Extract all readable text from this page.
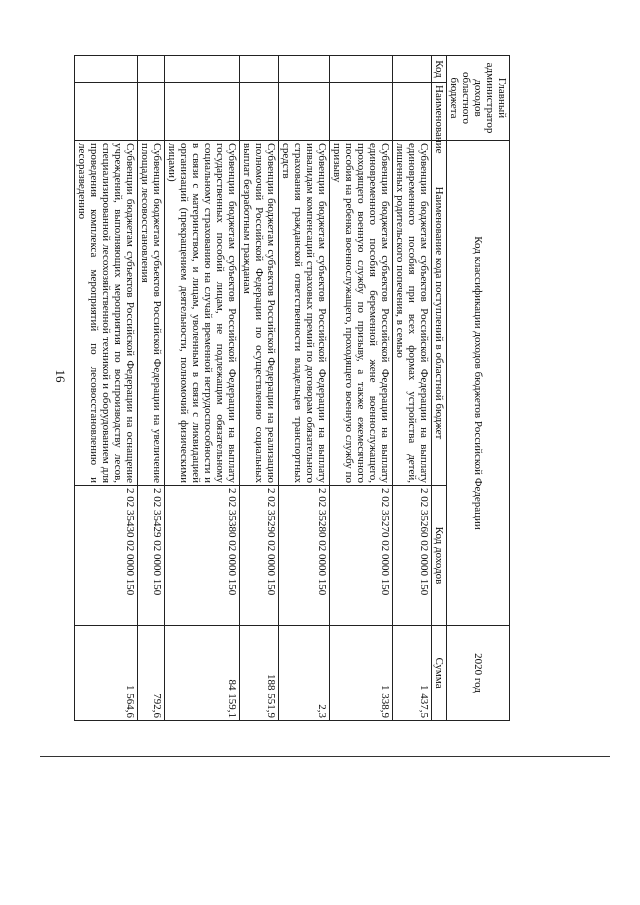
16
Главный администратор доходов областного бюджета		Код классификации доходов бюджетов Российской Федерации		2020 год
Код	Наименование	Наименование кода поступлений в областной бюджет	Код доходов	Сумма
		Субвенции бюджетам субъектов Российской Федерации на выплату единовременного пособия при всех формах устройства детей, лишенных родительского попечения, в семью	2 02 35260 02 0000 150	1 437,5
		Субвенции бюджетам субъектов Российской Федерации на выплату единовременного пособия беременной жене военнослужащего, проходящего военную службу по призыву, а также ежемесячного пособия на ребенка военнослужащего, проходящего военную службу по призыву	2 02 35270 02 0000 150	1 338,9
		Субвенции бюджетам субъектов Российской Федерации на выплату инвалидам компенсаций страховых премий по договорам обязательного страхования гражданской ответственности владельцев транспортных средств	2 02 35280 02 0000 150	2,3
		Субвенции бюджетам субъектов Российской Федерации на реализацию полномочий Российской Федерации по осуществлению социальных выплат безработным гражданам	2 02 35290 02 0000 150	188 551,9
		Субвенции бюджетам субъектов Российской Федерации на выплату государственных пособий лицам, не подлежащим обязательному социальному страхованию на случай временной нетрудоспособности и в связи с материнством, и лицам, уволенным в связи с ликвидацией организаций (прекращением деятельности, полномочий физическими лицами)	2 02 35380 02 0000 150	84 159,1
		Субвенции бюджетам субъектов Российской Федерации на увеличение площади лесовосстановления	2 02 35429 02 0000 150	792,6
		Субвенции бюджетам субъектов Российской Федерации на оснащение учреждений, выполняющих мероприятия по воспроизводству лесов, специализированной лесохозяйственной техникой и оборудованием для проведения комплекса мероприятий по лесовосстановлению и лесоразведению	2 02 35430 02 0000 150	1 564,6
